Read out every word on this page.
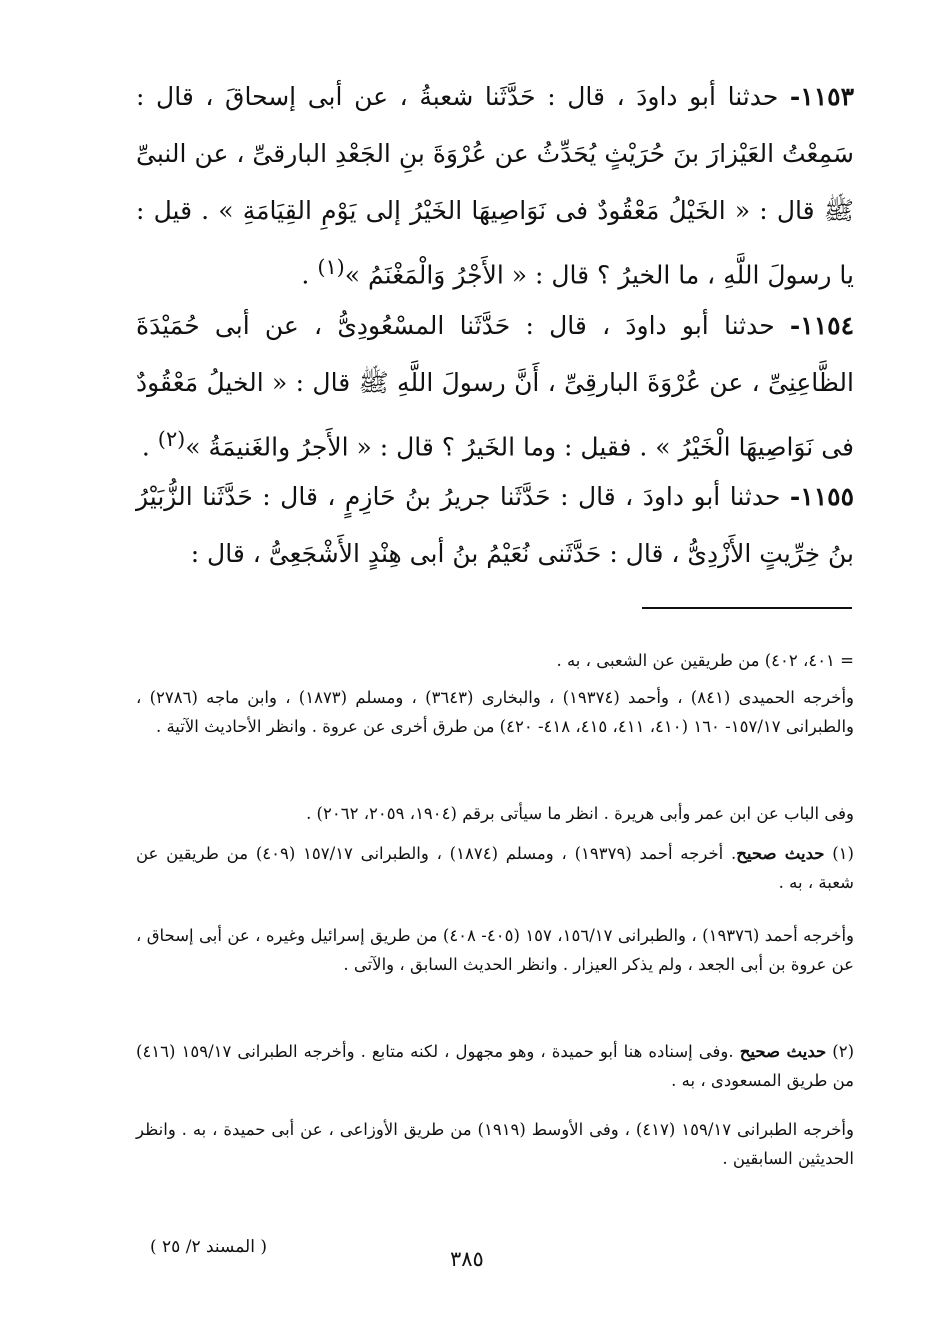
١١٥٣- حدثنا أبو داودَ ، قال : حَدَّثَنا شعبةُ ، عن أبى إسحاقَ ، قال : سَمِعْتُ العَيْزارَ بنَ حُرَيْثٍ يُحَدِّثُ عن عُرْوَةَ بنِ الجَعْدِ البارقىِّ ، عن النبىِّ ﷺ قال : « الخَيْلُ مَعْقُودٌ فى نَوَاصِيهَا الخَيْرُ إلى يَوْمِ القِيَامَةِ » . قيل : يا رسولَ اللَّهِ ، ما الخيرُ ؟ قال : « الأَجْرُ وَالْمَغْنَمُ »$^{(١)}$ .

١١٥٤- حدثنا أبو داودَ ، قال : حَدَّثَنا المسْعُودِىُّ ، عن أبى حُمَيْدَةَ الظَّاعِنِىِّ ، عن عُرْوَةَ البارقِىِّ ، أَنَّ رسولَ اللَّهِ ﷺ قال : « الخيلُ مَعْقُودٌ فى نَوَاصِيهَا الْخَيْرُ » . فقيل : وما الخَيرُ ؟ قال : « الأَجرُ والغَنيمَةُ »$^{(٢)}$ .

١١٥٥- حدثنا أبو داودَ ، قال : حَدَّثَنا جريرُ بنُ حَازِمٍ ، قال : حَدَّثَنا الزُّبَيْرُ بنُ خِرِّيتٍ الأَزْدِىُّ ، قال : حَدَّثَنى نُعَيْمُ بنُ أبى هِنْدٍ الأَشْجَعِىُّ ، قال :

= ٤٠١، ٤٠٢) من طريقين عن الشعبى ، به .

وأخرجه الحميدى (٨٤١) ، وأحمد (١٩٣٧٤) ، والبخارى (٣٦٤٣) ، ومسلم (١٨٧٣) ، وابن ماجه (٢٧٨٦) ، والطبرانى ١٥٧/١٧- ١٦٠ (٤١٠، ٤١١، ٤١٥، ٤١٨- ٤٢٠) من طرق أخرى عن عروة . وانظر الأحاديث الآتية .

وفى الباب عن ابن عمر وأبى هريرة . انظر ما سيأتى برقم (١٩٠٤، ٢٠٥٩، ٢٠٦٢) .

(١) حديث صحيح. أخرجه أحمد (١٩٣٧٩) ، ومسلم (١٨٧٤) ، والطبرانى ١٥٧/١٧ (٤٠٩) من طريقين عن شعبة ، به .

وأخرجه أحمد (١٩٣٧٦) ، والطبرانى ١٥٦/١٧، ١٥٧ (٤٠٥- ٤٠٨) من طريق إسرائيل وغيره ، عن أبى إسحاق ، عن عروة بن أبى الجعد ، ولم يذكر العيزار . وانظر الحديث السابق ، والآتى .

(٢) حديث صحيح .وفى إسناده هنا أبو حميدة ، وهو مجهول ، لكنه متابع . وأخرجه الطبرانى ١٥٩/١٧ (٤١٦) من طريق المسعودى ، به .

وأخرجه الطبرانى ١٥٩/١٧ (٤١٧) ، وفى الأوسط (١٩١٩) من طريق الأوزاعى ، عن أبى حميدة ، به . وانظر الحديثين السابقين .

( المسند ٢/ ٢٥ )	٣٨٥
